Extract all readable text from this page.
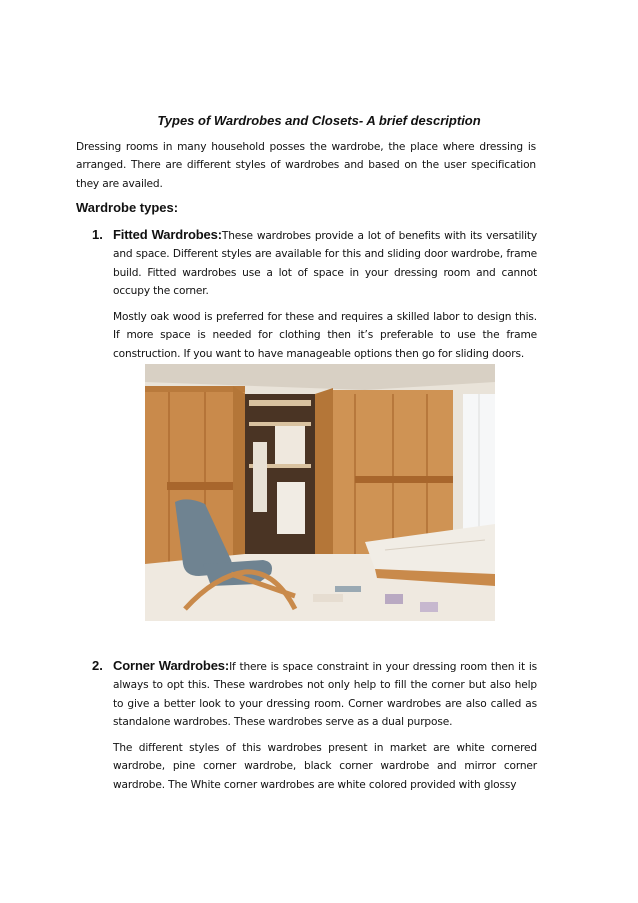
Types of Wardrobes and Closets- A brief description
Dressing rooms in many household posses the wardrobe, the place where dressing is arranged. There are different styles of wardrobes and based on the user specification they are availed.
Wardrobe types:
1. Fitted Wardrobes:These wardrobes provide a lot of benefits with its versatility and space. Different styles are available for this and sliding door wardrobe, frame build. Fitted wardrobes use a lot of space in your dressing room and cannot occupy the corner.
Mostly oak wood is preferred for these and requires a skilled labor to design this. If more space is needed for clothing then it’s preferable to use the frame construction. If you want to have manageable options then go for sliding doors.
2. Corner Wardrobes:If there is space constraint in your dressing room then it is always to opt this. These wardrobes not only help to fill the corner but also help to give a better look to your dressing room. Corner wardrobes are also called as standalone wardrobes. These wardrobes serve as a dual purpose.
The different styles of this wardrobes present in market are white cornered wardrobe, pine corner wardrobe, black corner wardrobe and mirror corner wardrobe. The White corner wardrobes are white colored provided with glossy
